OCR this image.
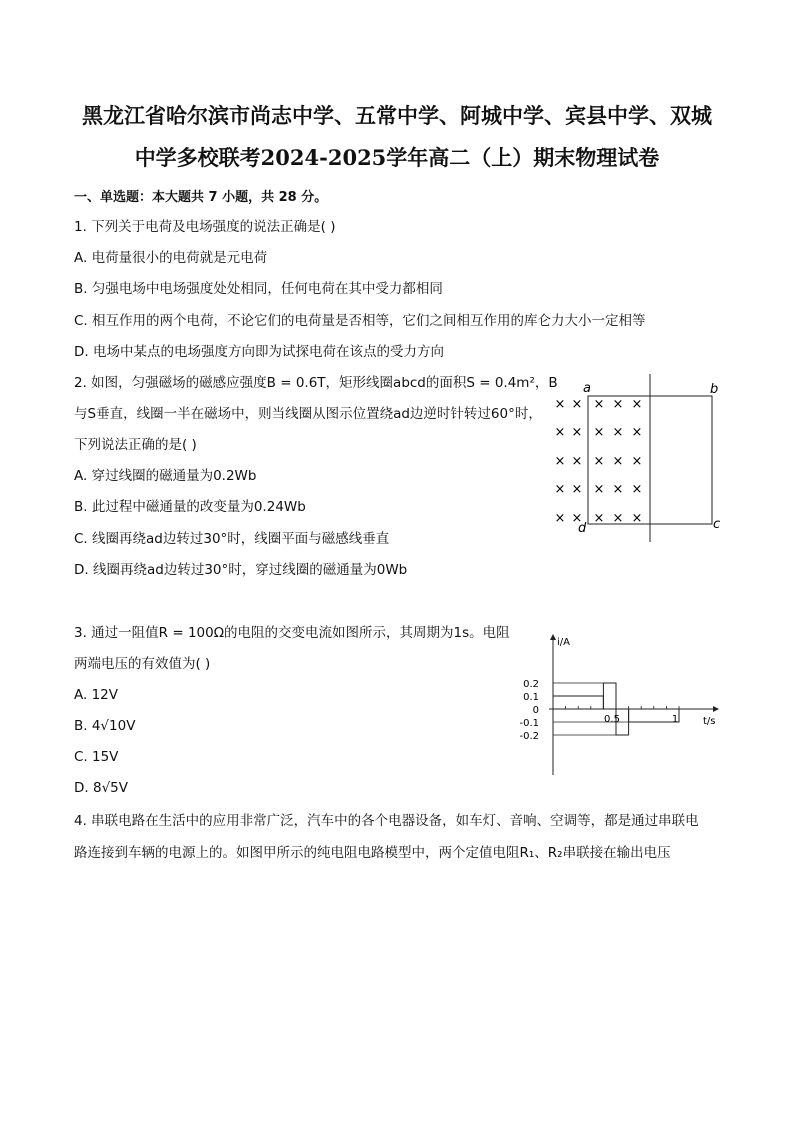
黑龙江省哈尔滨市尚志中学、五常中学、阿城中学、宾县中学、双城
中学多校联考2024-2025学年高二（上）期末物理试卷
一、单选题：本大题共 7 小题，共 28 分。
1. 下列关于电荷及电场强度的说法正确是( )
A. 电荷量很小的电荷就是元电荷
B. 匀强电场中电场强度处处相同，任何电荷在其中受力都相同
C. 相互作用的两个电荷，不论它们的电荷量是否相等，它们之间相互作用的库仑力大小一定相等
D. 电场中某点的电场强度方向即为试探电荷在该点的受力方向
2. 如图，匀强磁场的磁感应强度B = 0.6T，矩形线圈abcd的面积S = 0.4m²，B
与S垂直，线圈一半在磁场中，则当线圈从图示位置绕ad边逆时针转过60°时，
下列说法正确的是( )
A. 穿过线圈的磁通量为0.2Wb
B. 此过程中磁通量的改变量为0.24Wb
C. 线圈再绕ad边转过30°时，线圈平面与磁感线垂直
D. 线圈再绕ad边转过30°时，穿过线圈的磁通量为0Wb
× × × × ×
× × × × ×
× × × × ×
× × × × ×
× × × × ×
a	b
c
d
3. 通过一阻值R = 100Ω的电阻的交变电流如图所示，其周期为1s。电阻
两端电压的有效值为( )
A. 12V
B. 4√10V
C. 15V
D. 8√5V
0.2
0.1
0
-0.1
-0.2
0.5	1
i/A
t/s
4. 串联电路在生活中的应用非常广泛，汽车中的各个电器设备，如车灯、音响、空调等，都是通过串联电
路连接到车辆的电源上的。如图甲所示的纯电阻电路模型中，两个定值电阻R₁、R₂串联接在输出电压
